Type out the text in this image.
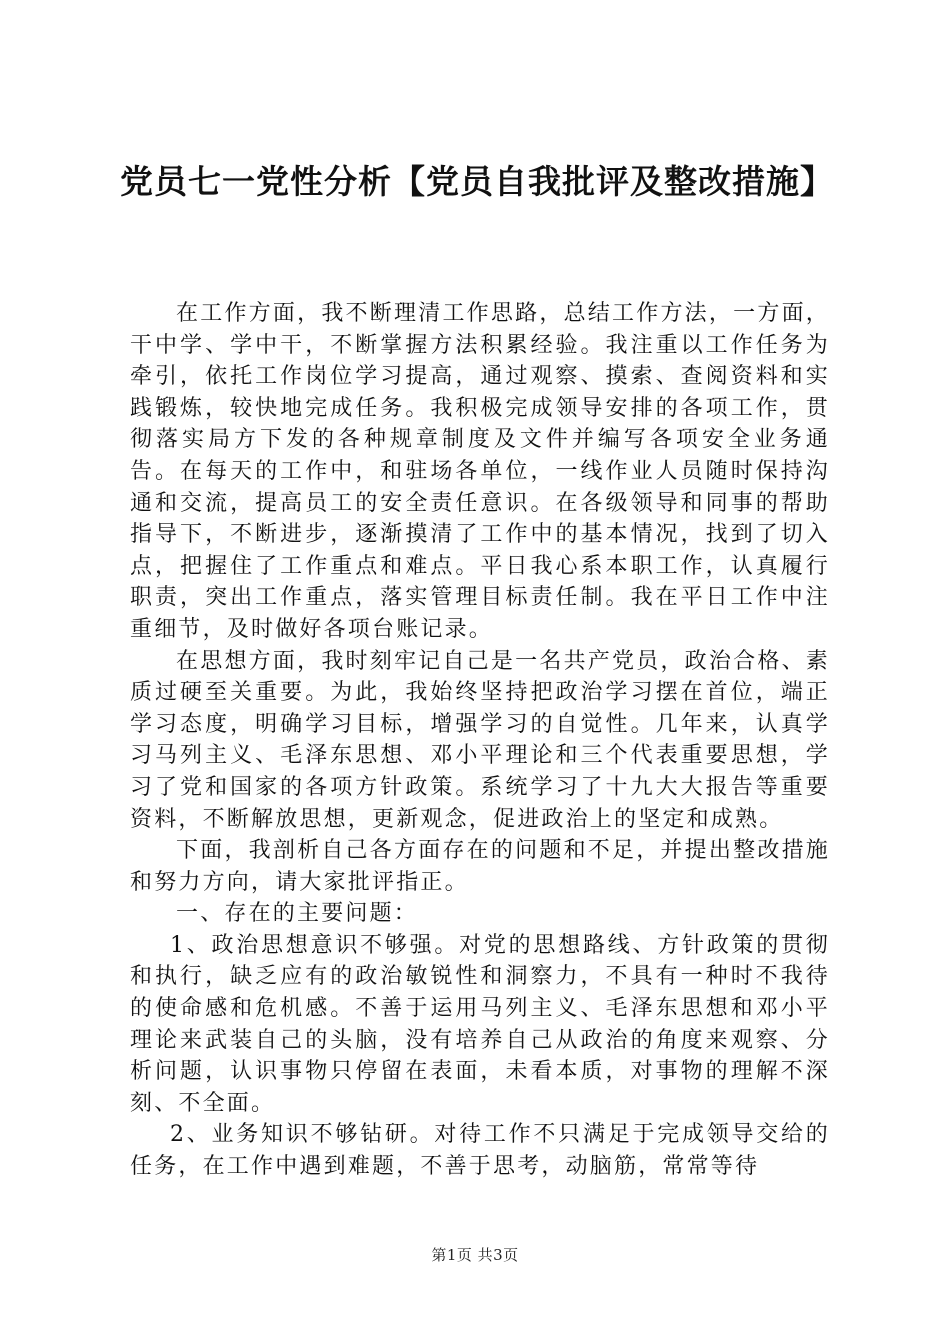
党员七一党性分析【党员自我批评及整改措施】

在工作方面，我不断理清工作思路，总结工作方法，一方面，干中学、学中干，不断掌握方法积累经验。我注重以工作任务为牵引，依托工作岗位学习提高，通过观察、摸索、查阅资料和实践锻炼，较快地完成任务。我积极完成领导安排的各项工作，贯彻落实局方下发的各种规章制度及文件并编写各项安全业务通告。在每天的工作中，和驻场各单位，一线作业人员随时保持沟通和交流，提高员工的安全责任意识。在各级领导和同事的帮助指导下，不断进步，逐渐摸清了工作中的基本情况，找到了切入点，把握住了工作重点和难点。平日我心系本职工作，认真履行职责，突出工作重点，落实管理目标责任制。我在平日工作中注重细节，及时做好各项台账记录。

在思想方面，我时刻牢记自己是一名共产党员，政治合格、素质过硬至关重要。为此，我始终坚持把政治学习摆在首位，端正学习态度，明确学习目标，增强学习的自觉性。几年来，认真学习马列主义、毛泽东思想、邓小平理论和三个代表重要思想，学习了党和国家的各项方针政策。系统学习了十九大大报告等重要资料，不断解放思想，更新观念，促进政治上的坚定和成熟。

下面，我剖析自己各方面存在的问题和不足，并提出整改措施和努力方向，请大家批评指正。

一、存在的主要问题：

1、政治思想意识不够强。对党的思想路线、方针政策的贯彻和执行，缺乏应有的政治敏锐性和洞察力，不具有一种时不我待的使命感和危机感。不善于运用马列主义、毛泽东思想和邓小平理论来武装自己的头脑，没有培养自己从政治的角度来观察、分析问题，认识事物只停留在表面，未看本质，对事物的理解不深刻、不全面。

2、业务知识不够钻研。对待工作不只满足于完成领导交给的任务，在工作中遇到难题，不善于思考，动脑筋，常常等待

第1页 共3页
